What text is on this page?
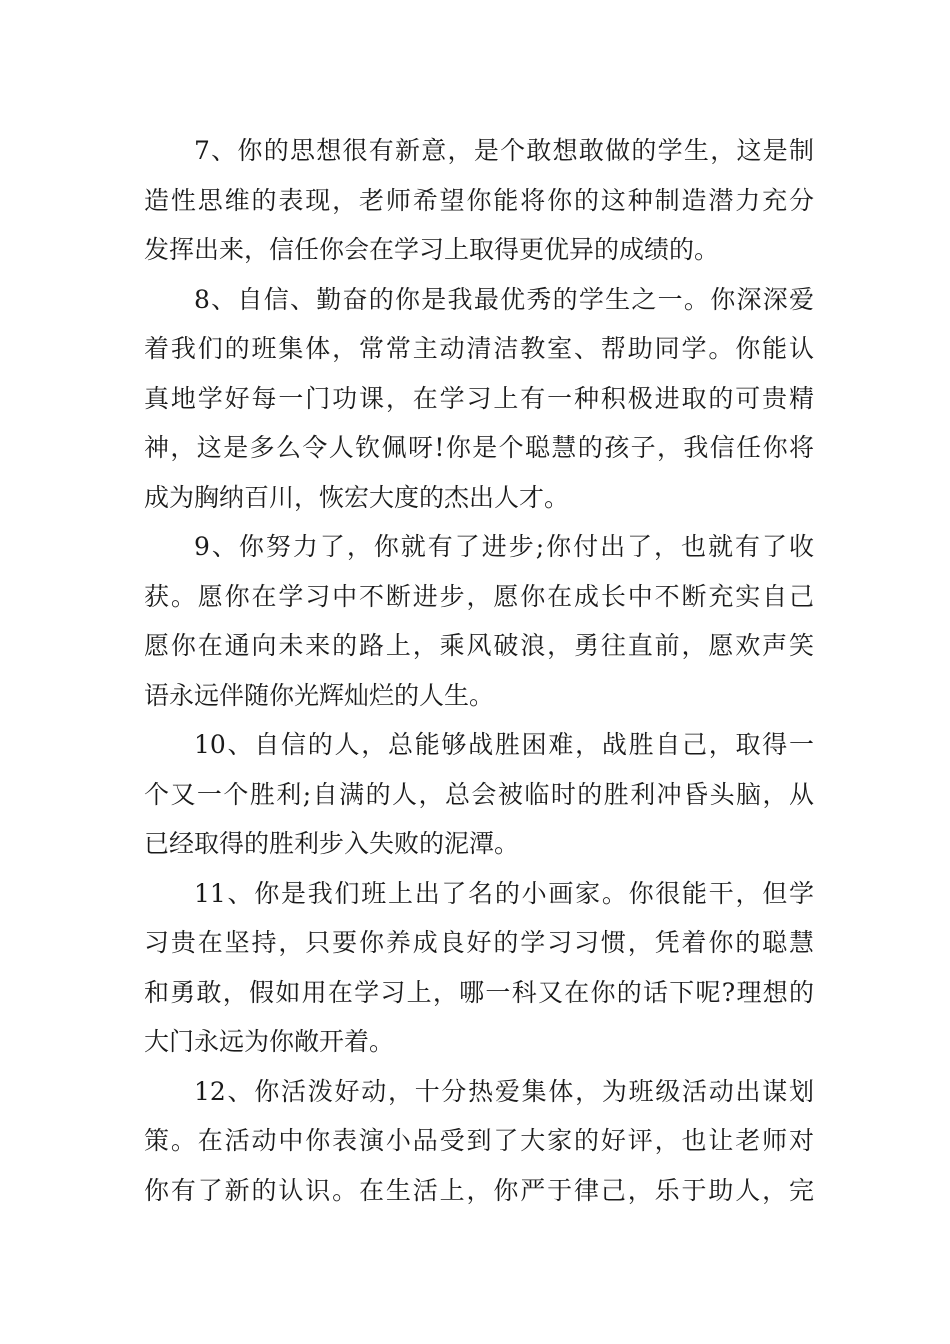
7、你的思想很有新意，是个敢想敢做的学生，这是制
造性思维的表现，老师希望你能将你的这种制造潜力充分
发挥出来，信任你会在学习上取得更优异的成绩的。
8、自信、勤奋的你是我最优秀的学生之一。你深深爱
着我们的班集体，常常主动清洁教室、帮助同学。你能认
真地学好每一门功课，在学习上有一种积极进取的可贵精
神，这是多么令人钦佩呀!你是个聪慧的孩子，我信任你将
成为胸纳百川，恢宏大度的杰出人才。
9、你努力了，你就有了进步;你付出了，也就有了收
获。愿你在学习中不断进步，愿你在成长中不断充实自己
愿你在通向未来的路上，乘风破浪，勇往直前，愿欢声笑
语永远伴随你光辉灿烂的人生。
10、自信的人，总能够战胜困难，战胜自己，取得一
个又一个胜利;自满的人，总会被临时的胜利冲昏头脑，从
已经取得的胜利步入失败的泥潭。
11、你是我们班上出了名的小画家。你很能干，但学
习贵在坚持，只要你养成良好的学习习惯，凭着你的聪慧
和勇敢，假如用在学习上，哪一科又在你的话下呢?理想的
大门永远为你敞开着。
12、你活泼好动，十分热爱集体，为班级活动出谋划
策。在活动中你表演小品受到了大家的好评，也让老师对
你有了新的认识。在生活上，你严于律己，乐于助人，完
